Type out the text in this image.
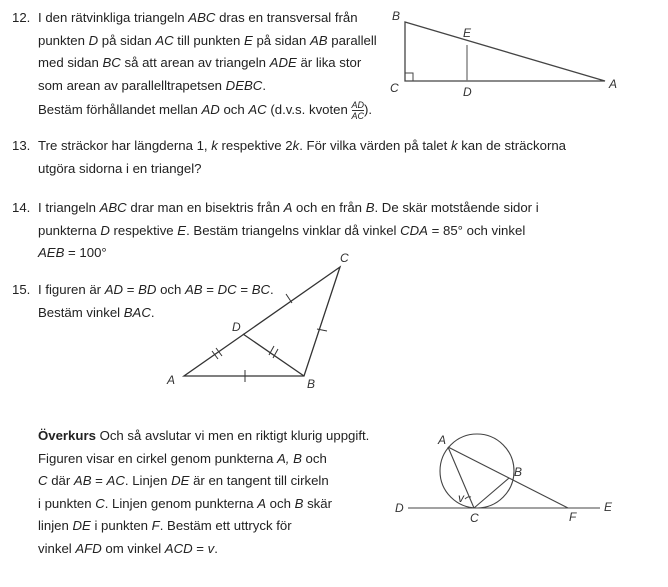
12. I den rätvinkliga triangeln ABC dras en transversal från
punkten D på sidan AC till punkten E på sidan AB parallell
med sidan BC så att arean av triangeln ADE är lika stor
som arean av parallelltrapetsen DEBC.
Bestäm förhållandet mellan AD och AC (d.v.s. kvoten $\frac{AD}{AC}$ ).
13. Tre sträckor har längderna 1, k respektive 2k. För vilka värden på talet k kan de sträckorna
utgöra sidorna i en triangel?
14. I triangeln ABC drar man en bisektris från A och en från B. De skär motstående sidor i
punkterna D respektive E. Bestäm triangelns vinklar då vinkel CDA = 85° och vinkel
AEB = 100°
15. I figuren är AD = BD och AB = DC = BC.
Bestäm vinkel BAC.
Överkurs Och så avslutar vi men en riktigt klurig uppgift.
Figuren visar en cirkel genom punkterna A, B och
C där AB = AC. Linjen DE är en tangent till cirkeln
i punkten C. Linjen genom punkterna A och B skär
linjen DE i punkten F. Bestäm ett uttryck för
vinkel AFD om vinkel ACD = v.
B
C	A
E
D
A	B
C
D
A
B
C
D	E
F
v
